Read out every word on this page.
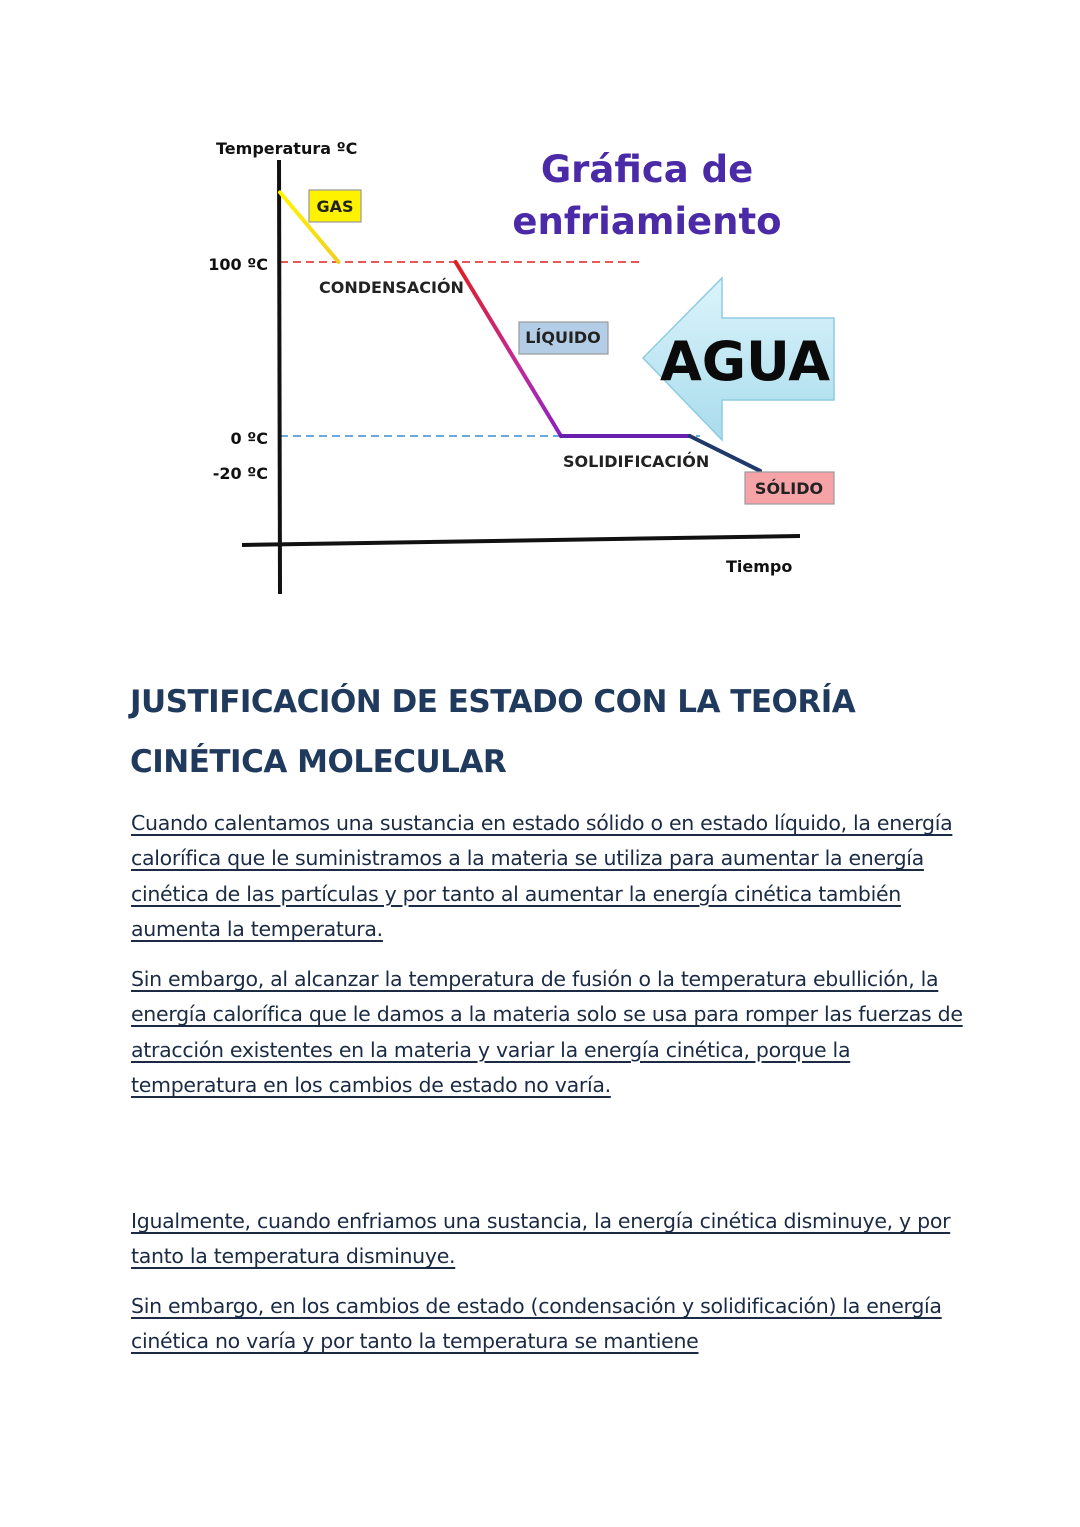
Temperatura ºC
Tiempo
100 ºC
0 ºC
-20 ºC
GAS
CONDENSACIÓN
LÍQUIDO
SOLIDIFICACIÓN
SÓLIDO
Gráfica de
enfriamiento
AGUA
JUSTIFICACIÓN DE ESTADO CON LA TEORÍA CINÉTICA MOLECULAR

Cuando calentamos una sustancia en estado sólido o en estado líquido, la energía calorífica que le suministramos a la materia se utiliza para aumentar la energía cinética de las partículas y por tanto al aumentar la energía cinética también aumenta la temperatura.

Sin embargo, al alcanzar la temperatura de fusión o la temperatura ebullición, la energía calorífica que le damos a la materia solo se usa para romper las fuerzas de atracción existentes en la materia y variar la energía cinética, porque la temperatura en los cambios de estado no varía.

Igualmente, cuando enfriamos una sustancia, la energía cinética disminuye, y por tanto la temperatura disminuye.

Sin embargo, en los cambios de estado (condensación y solidificación) la energía cinética no varía y por tanto la temperatura se mantiene
